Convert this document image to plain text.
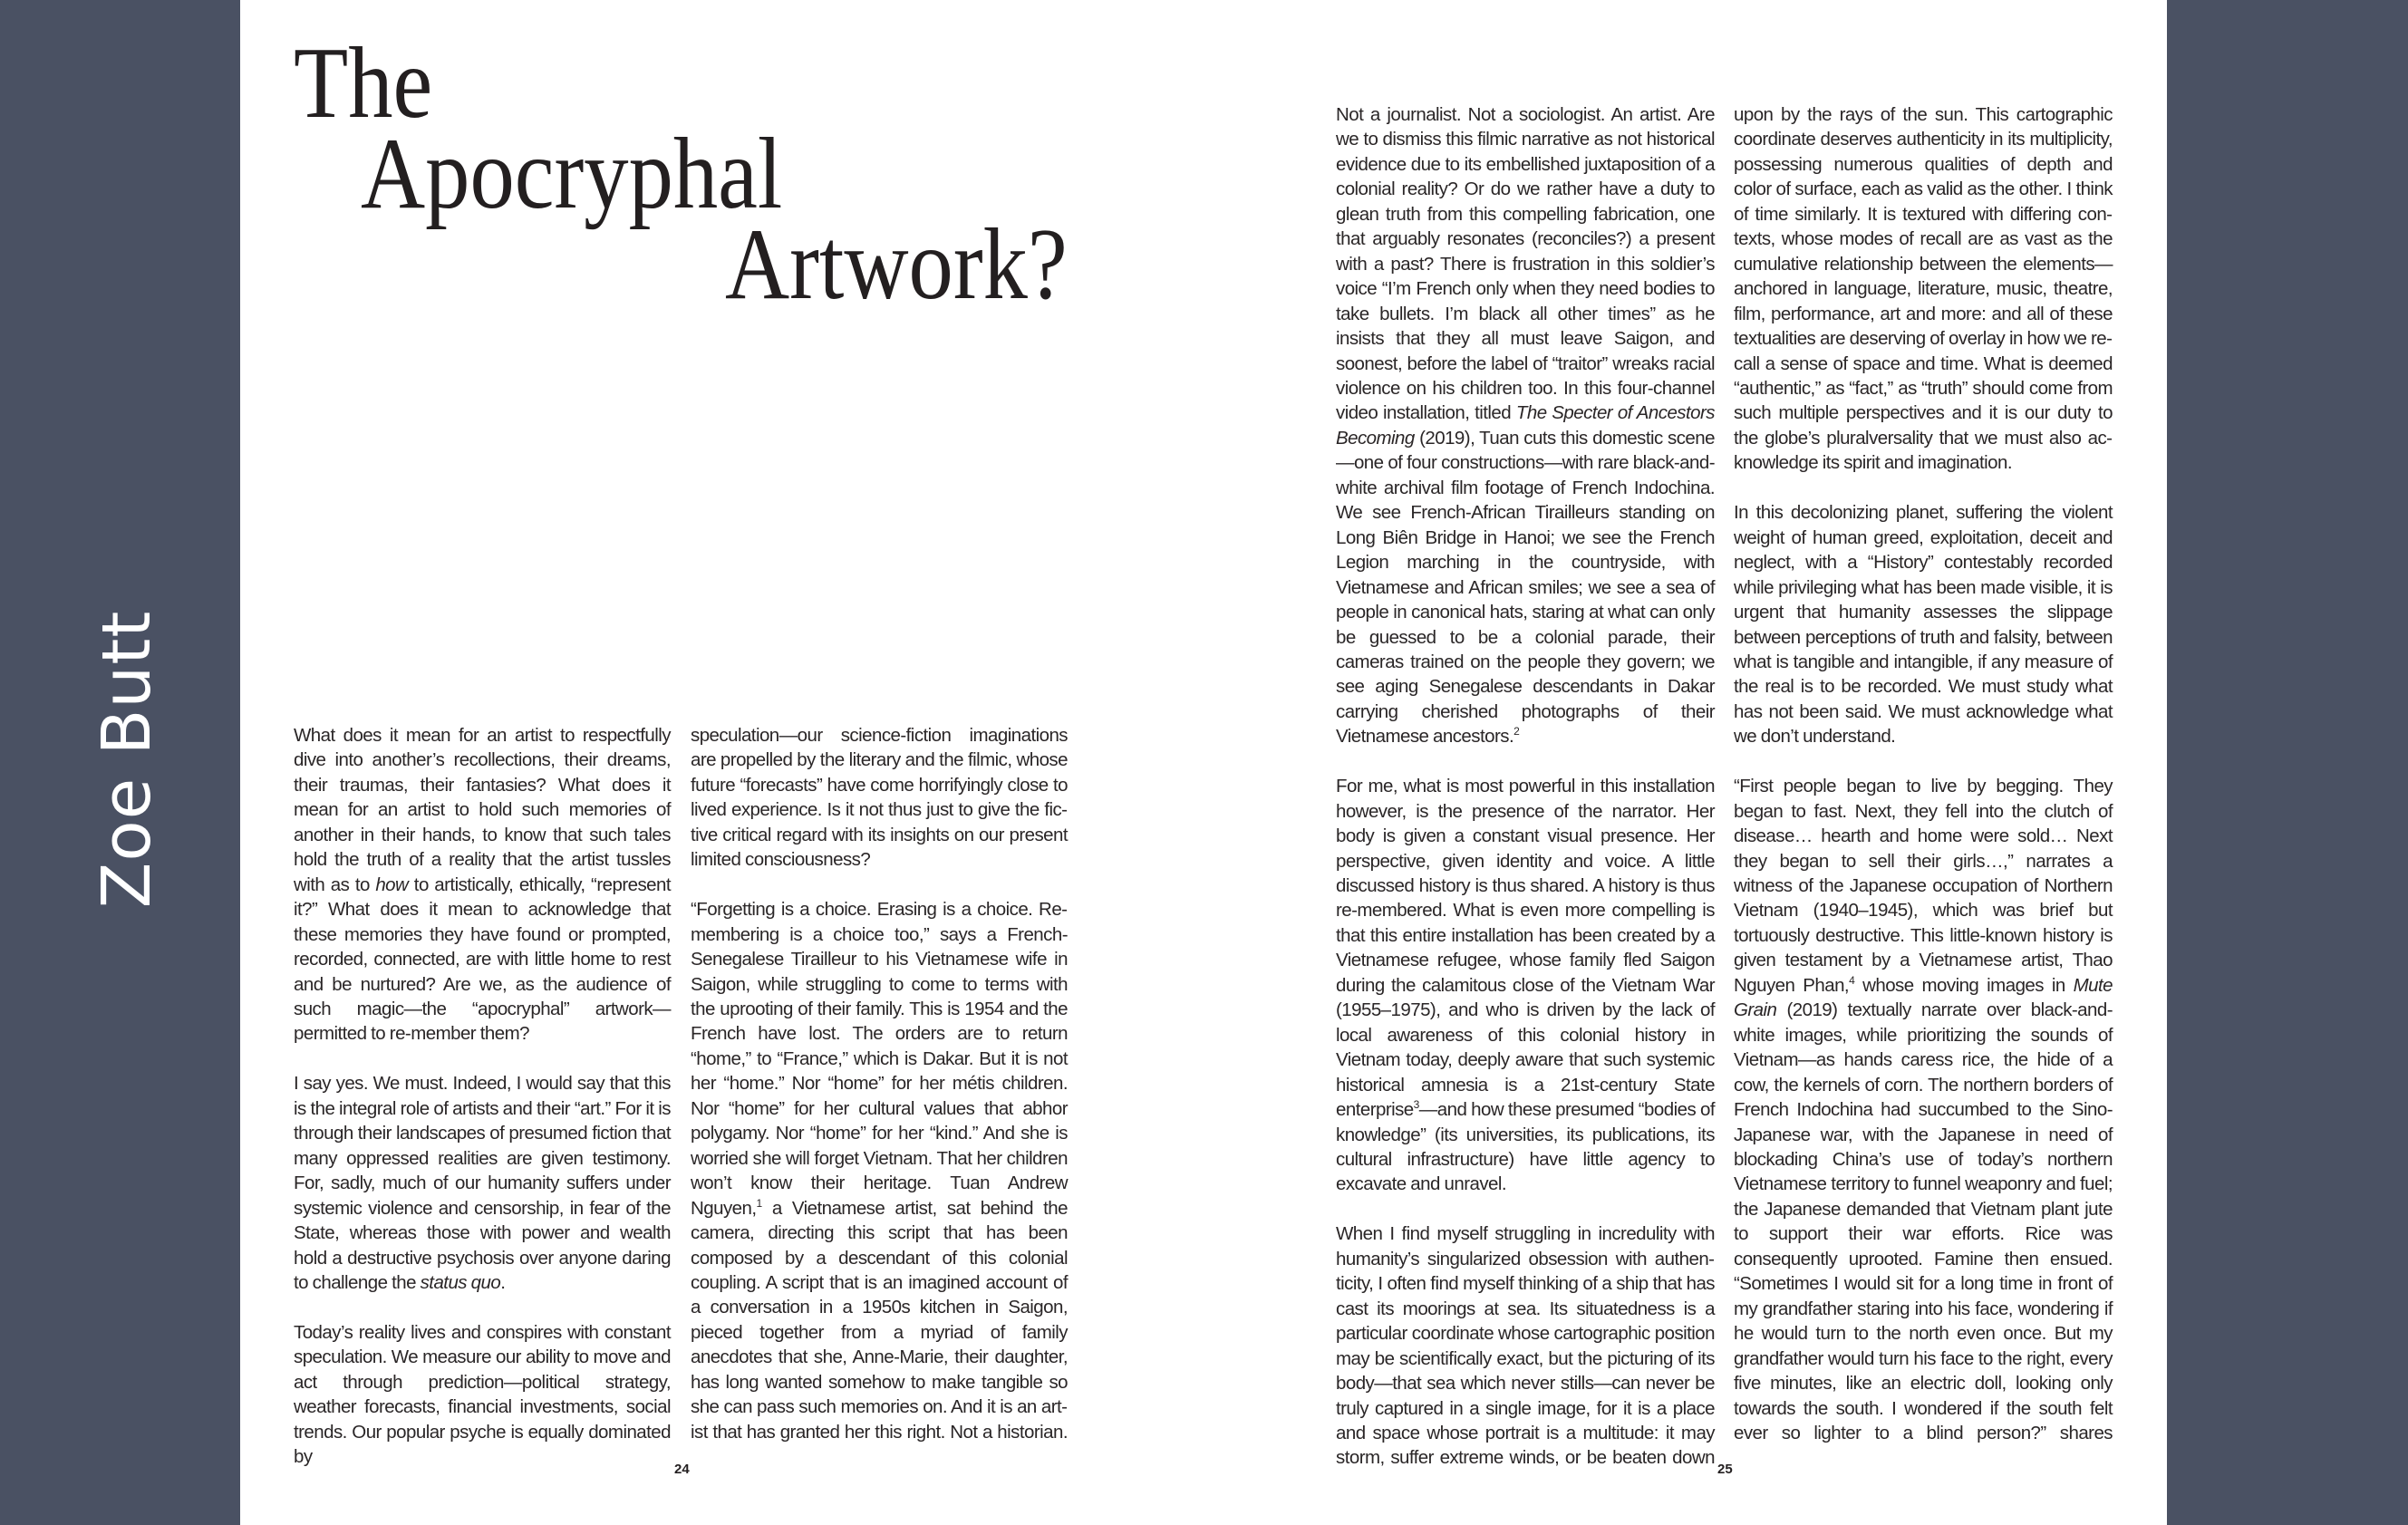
Zoe Butt
The
Apocryphal
Artwork?

What does it mean for an artist to respectfully dive into another’s recollections, their dreams, their traumas, their fantasies? What does it mean for an artist to hold such memories of another in their hands, to know that such tales hold the truth of a reality that the artist tussles with as to how to artistically, ethically, “represent it?” What does it mean to acknowledge that these memories they have found or prompted, recorded, connected, are with little home to rest and be nurtured? Are we, as the audience of such magic—the “apocryphal” artwork—permitted to re-member them?

I say yes. We must. Indeed, I would say that this is the integral role of artists and their “art.” For it is through their landscapes of presumed fiction that many oppressed realities are given testimony. For, sadly, much of our humanity suffers under systemic violence and censorship, in fear of the State, whereas those with power and wealth hold a destructive psychosis over anyone daring to challenge the status quo.

Today’s reality lives and conspires with constant speculation. We measure our ability to move and act through prediction—political strategy, weather forecasts, financial investments, social trends. Our popular psyche is equally dominated by

speculation—our science-fiction imaginations are propelled by the literary and the filmic, whose future “forecasts” have come horrifyingly close to lived experience. Is it not thus just to give the fictive critical regard with its insights on our present limited consciousness?

“Forgetting is a choice. Erasing is a choice. Remembering is a choice too,” says a French-Senegalese Tirailleur to his Vietnamese wife in Saigon, while struggling to come to terms with the uprooting of their family. This is 1954 and the French have lost. The orders are to return “home,” to “France,” which is Dakar. But it is not her “home.” Nor “home” for her métis children. Nor “home” for her cultural values that abhor polygamy. Nor “home” for her “kind.” And she is worried she will forget Vietnam. That her children won’t know their heritage. Tuan Andrew Nguyen,$^1$ a Vietnamese artist, sat behind the camera, directing this script that has been composed by a descendant of this colonial coupling. A script that is an imagined account of a conversation in a 1950s kitchen in Saigon, pieced together from a myriad of family anecdotes that she, Anne-Marie, their daughter, has long wanted somehow to make tangible so she can pass such memories on. And it is an artist that has granted her this right. Not a historian.

Not a journalist. Not a sociologist. An artist. Are we to dismiss this filmic narrative as not historical evidence due to its embellished juxtaposition of a colonial reality? Or do we rather have a duty to glean truth from this compelling fabrication, one that arguably resonates (reconciles?) a present with a past? There is frustration in this soldier’s voice “I’m French only when they need bodies to take bullets. I’m black all other times” as he insists that they all must leave Saigon, and soonest, before the label of “traitor” wreaks racial violence on his children too. In this four-channel video installation, titled The Specter of Ancestors Becoming (2019), Tuan cuts this domestic scene—one of four constructions—with rare black-and-white archival film footage of French Indochina. We see French-African Tirailleurs standing on Long Biên Bridge in Hanoi; we see the French Legion marching in the countryside, with Vietnamese and African smiles; we see a sea of people in canonical hats, staring at what can only be guessed to be a colonial parade, their cameras trained on the people they govern; we see aging Senegalese descendants in Dakar carrying cherished photographs of their Vietnamese ancestors.$^2$

For me, what is most powerful in this installation however, is the presence of the narrator. Her body is given a constant visual presence. Her perspective, given identity and voice. A little discussed history is thus shared. A history is thus re-membered. What is even more compelling is that this entire installation has been created by a Vietnamese refugee, whose family fled Saigon during the calamitous close of the Vietnam War (1955–1975), and who is driven by the lack of local awareness of this colonial history in Vietnam today, deeply aware that such systemic historical amnesia is a 21st-century State enterprise$^3$—and how these presumed “bodies of knowledge” (its universities, its publications, its cultural infrastructure) have little agency to excavate and unravel.

When I find myself struggling in incredulity with humanity’s singularized obsession with authenticity, I often find myself thinking of a ship that has cast its moorings at sea. Its situatedness is a particular coordinate whose cartographic position may be scientifically exact, but the picturing of its body—that sea which never stills—can never be truly captured in a single image, for it is a place and space whose portrait is a multitude: it may storm, suffer extreme winds, or be beaten down

upon by the rays of the sun. This cartographic coordinate deserves authenticity in its multiplicity, possessing numerous qualities of depth and color of surface, each as valid as the other. I think of time similarly. It is textured with differing contexts, whose modes of recall are as vast as the cumulative relationship between the elements—anchored in language, literature, music, theatre, film, performance, art and more: and all of these textualities are deserving of overlay in how we recall a sense of space and time. What is deemed “authentic,” as “fact,” as “truth” should come from such multiple perspectives and it is our duty to the globe’s pluralversality that we must also acknowledge its spirit and imagination.

In this decolonizing planet, suffering the violent weight of human greed, exploitation, deceit and neglect, with a “History” contestably recorded while privileging what has been made visible, it is urgent that humanity assesses the slippage between perceptions of truth and falsity, between what is tangible and intangible, if any measure of the real is to be recorded. We must study what has not been said. We must acknowledge what we don’t understand.

“First people began to live by begging. They began to fast. Next, they fell into the clutch of disease… hearth and home were sold… Next they began to sell their girls…,” narrates a witness of the Japanese occupation of Northern Vietnam (1940–1945), which was brief but tortuously destructive. This little-known history is given testament by a Vietnamese artist, Thao Nguyen Phan,$^4$ whose moving images in Mute Grain (2019) textually narrate over black-and-white images, while prioritizing the sounds of Vietnam—as hands caress rice, the hide of a cow, the kernels of corn. The northern borders of French Indochina had succumbed to the Sino-Japanese war, with the Japanese in need of blockading China’s use of today’s northern Vietnamese territory to funnel weaponry and fuel; the Japanese demanded that Vietnam plant jute to support their war efforts. Rice was consequently uprooted. Famine then ensued. “Sometimes I would sit for a long time in front of my grandfather staring into his face, wondering if he would turn to the north even once. But my grandfather would turn his face to the right, every five minutes, like an electric doll, looking only towards the south. I wondered if the south felt ever so lighter to a blind person?” shares

24	25
